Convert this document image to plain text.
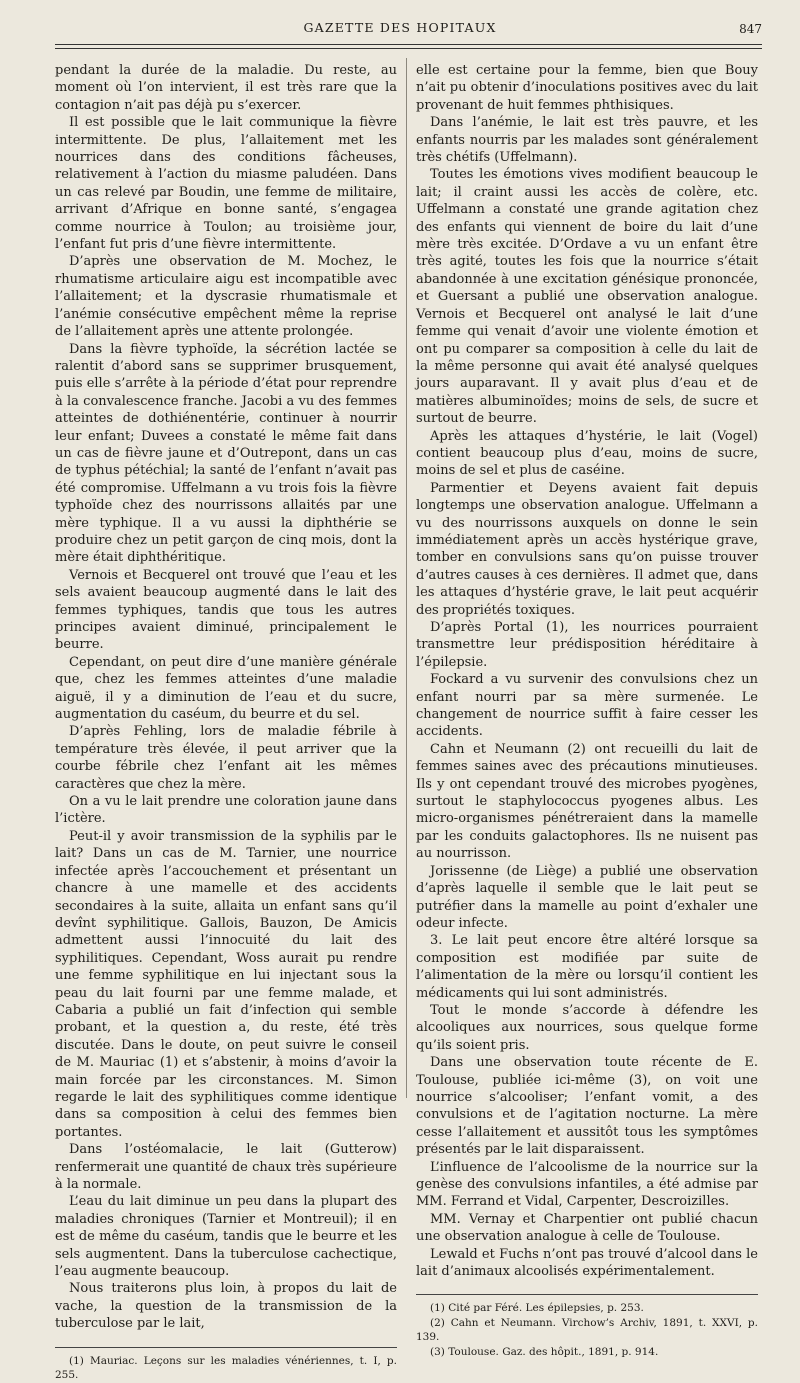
GAZETTE DES HOPITAUX	847

pendant la durée de la maladie. Du reste, au moment où l’on intervient, il est très rare que la contagion n’ait pas déjà pu s’exercer.

Il est possible que le lait communique la fièvre intermittente. De plus, l’allaitement met les nourrices dans des conditions fâcheuses, relativement à l’action du miasme paludéen. Dans un cas relevé par Boudin, une femme de militaire, arrivant d’Afrique en bonne santé, s’engagea comme nourrice à Toulon; au troisième jour, l’enfant fut pris d’une fièvre intermittente.

D’après une observation de M. Mochez, le rhumatisme articulaire aigu est incompatible avec l’allaitement; et la dyscrasie rhumatismale et l’anémie consécutive empêchent même la reprise de l’allaitement après une attente prolongée.

Dans la fièvre typhoïde, la sécrétion lactée se ralentit d’abord sans se supprimer brusquement, puis elle s’arrête à la période d’état pour reprendre à la convalescence franche. Jacobi a vu des femmes atteintes de dothiénentérie, continuer à nourrir leur enfant; Duvees a constaté le même fait dans un cas de fièvre jaune et d’Outrepont, dans un cas de typhus pétéchial; la santé de l’enfant n’avait pas été compromise. Uffelmann a vu trois fois la fièvre typhoïde chez des nourrissons allaités par une mère typhique. Il a vu aussi la diphthérie se produire chez un petit garçon de cinq mois, dont la mère était diphthéritique.

Vernois et Becquerel ont trouvé que l’eau et les sels avaient beaucoup augmenté dans le lait des femmes typhiques, tandis que tous les autres principes avaient diminué, principalement le beurre.

Cependant, on peut dire d’une manière générale que, chez les femmes atteintes d’une maladie aiguë, il y a diminution de l’eau et du sucre, augmentation du caséum, du beurre et du sel.

D’après Fehling, lors de maladie fébrile à température très élevée, il peut arriver que la courbe fébrile chez l’enfant ait les mêmes caractères que chez la mère.

On a vu le lait prendre une coloration jaune dans l’ictère.

Peut-il y avoir transmission de la syphilis par le lait? Dans un cas de M. Tarnier, une nourrice infectée après l’accouchement et présentant un chancre à une mamelle et des accidents secondaires à la suite, allaita un enfant sans qu’il devînt syphilitique. Gallois, Bauzon, De Amicis admettent aussi l’innocuité du lait des syphilitiques. Cependant, Woss aurait pu rendre une femme syphilitique en lui injectant sous la peau du lait fourni par une femme malade, et Cabaria a publié un fait d’infection qui semble probant, et la question a, du reste, été très discutée. Dans le doute, on peut suivre le conseil de M. Mauriac (1) et s’abstenir, à moins d’avoir la main forcée par les circonstances. M. Simon regarde le lait des syphilitiques comme identique dans sa composition à celui des femmes bien portantes.

Dans l’ostéomalacie, le lait (Gutterow) renfermerait une quantité de chaux très supérieure à la normale.

L’eau du lait diminue un peu dans la plupart des maladies chroniques (Tarnier et Montreuil); il en est de même du caséum, tandis que le beurre et les sels augmentent. Dans la tuberculose cachectique, l’eau augmente beaucoup.

Nous traiterons plus loin, à propos du lait de vache, la question de la transmission de la tuberculose par le lait,

(1) Mauriac. Leçons sur les maladies vénériennes, t. I, p. 255.

elle est certaine pour la femme, bien que Bouy n’ait pu obtenir d’inoculations positives avec du lait provenant de huit femmes phthisiques.

Dans l’anémie, le lait est très pauvre, et les enfants nourris par les malades sont généralement très chétifs (Uffelmann).

Toutes les émotions vives modifient beaucoup le lait; il craint aussi les accès de colère, etc. Uffelmann a constaté une grande agitation chez des enfants qui viennent de boire du lait d’une mère très excitée. D’Ordave a vu un enfant être très agité, toutes les fois que la nourrice s’était abandonnée à une excitation génésique prononcée, et Guersant a publié une observation analogue. Vernois et Becquerel ont analysé le lait d’une femme qui venait d’avoir une violente émotion et ont pu comparer sa composition à celle du lait de la même personne qui avait été analysé quelques jours auparavant. Il y avait plus d’eau et de matières albuminoïdes; moins de sels, de sucre et surtout de beurre.

Après les attaques d’hystérie, le lait (Vogel) contient beaucoup plus d’eau, moins de sucre, moins de sel et plus de caséine.

Parmentier et Deyens avaient fait depuis longtemps une observation analogue. Uffelmann a vu des nourrissons auxquels on donne le sein immédiatement après un accès hystérique grave, tomber en convulsions sans qu’on puisse trouver d’autres causes à ces dernières. Il admet que, dans les attaques d’hystérie grave, le lait peut acquérir des propriétés toxiques.

D’après Portal (1), les nourrices pourraient transmettre leur prédisposition héréditaire à l’épilepsie.

Fockard a vu survenir des convulsions chez un enfant nourri par sa mère surmenée. Le changement de nourrice suffit à faire cesser les accidents.

Cahn et Neumann (2) ont recueilli du lait de femmes saines avec des précautions minutieuses. Ils y ont cependant trouvé des microbes pyogènes, surtout le staphylococcus pyogenes albus. Les micro-organismes pénétreraient dans la mamelle par les conduits galactophores. Ils ne nuisent pas au nourrisson.

Jorissenne (de Liège) a publié une observation d’après laquelle il semble que le lait peut se putréfier dans la mamelle au point d’exhaler une odeur infecte.

3. Le lait peut encore être altéré lorsque sa composition est modifiée par suite de l’alimentation de la mère ou lorsqu’il contient les médicaments qui lui sont administrés.

Tout le monde s’accorde à défendre les alcooliques aux nourrices, sous quelque forme qu’ils soient pris.

Dans une observation toute récente de E. Toulouse, publiée ici-même (3), on voit une nourrice s’alcooliser; l’enfant vomit, a des convulsions et de l’agitation nocturne. La mère cesse l’allaitement et aussitôt tous les symptômes présentés par le lait disparaissent.

L’influence de l’alcoolisme de la nourrice sur la genèse des convulsions infantiles, a été admise par MM. Ferrand et Vidal, Carpenter, Descroizilles.

MM. Vernay et Charpentier ont publié chacun une observation analogue à celle de Toulouse.

Lewald et Fuchs n’ont pas trouvé d’alcool dans le lait d’animaux alcoolisés expérimentalement.

(1) Cité par Féré. Les épilepsies, p. 253.

(2) Cahn et Neumann. Virchow’s Archiv, 1891, t. XXVI, p. 139.

(3) Toulouse. Gaz. des hôpit., 1891, p. 914.
